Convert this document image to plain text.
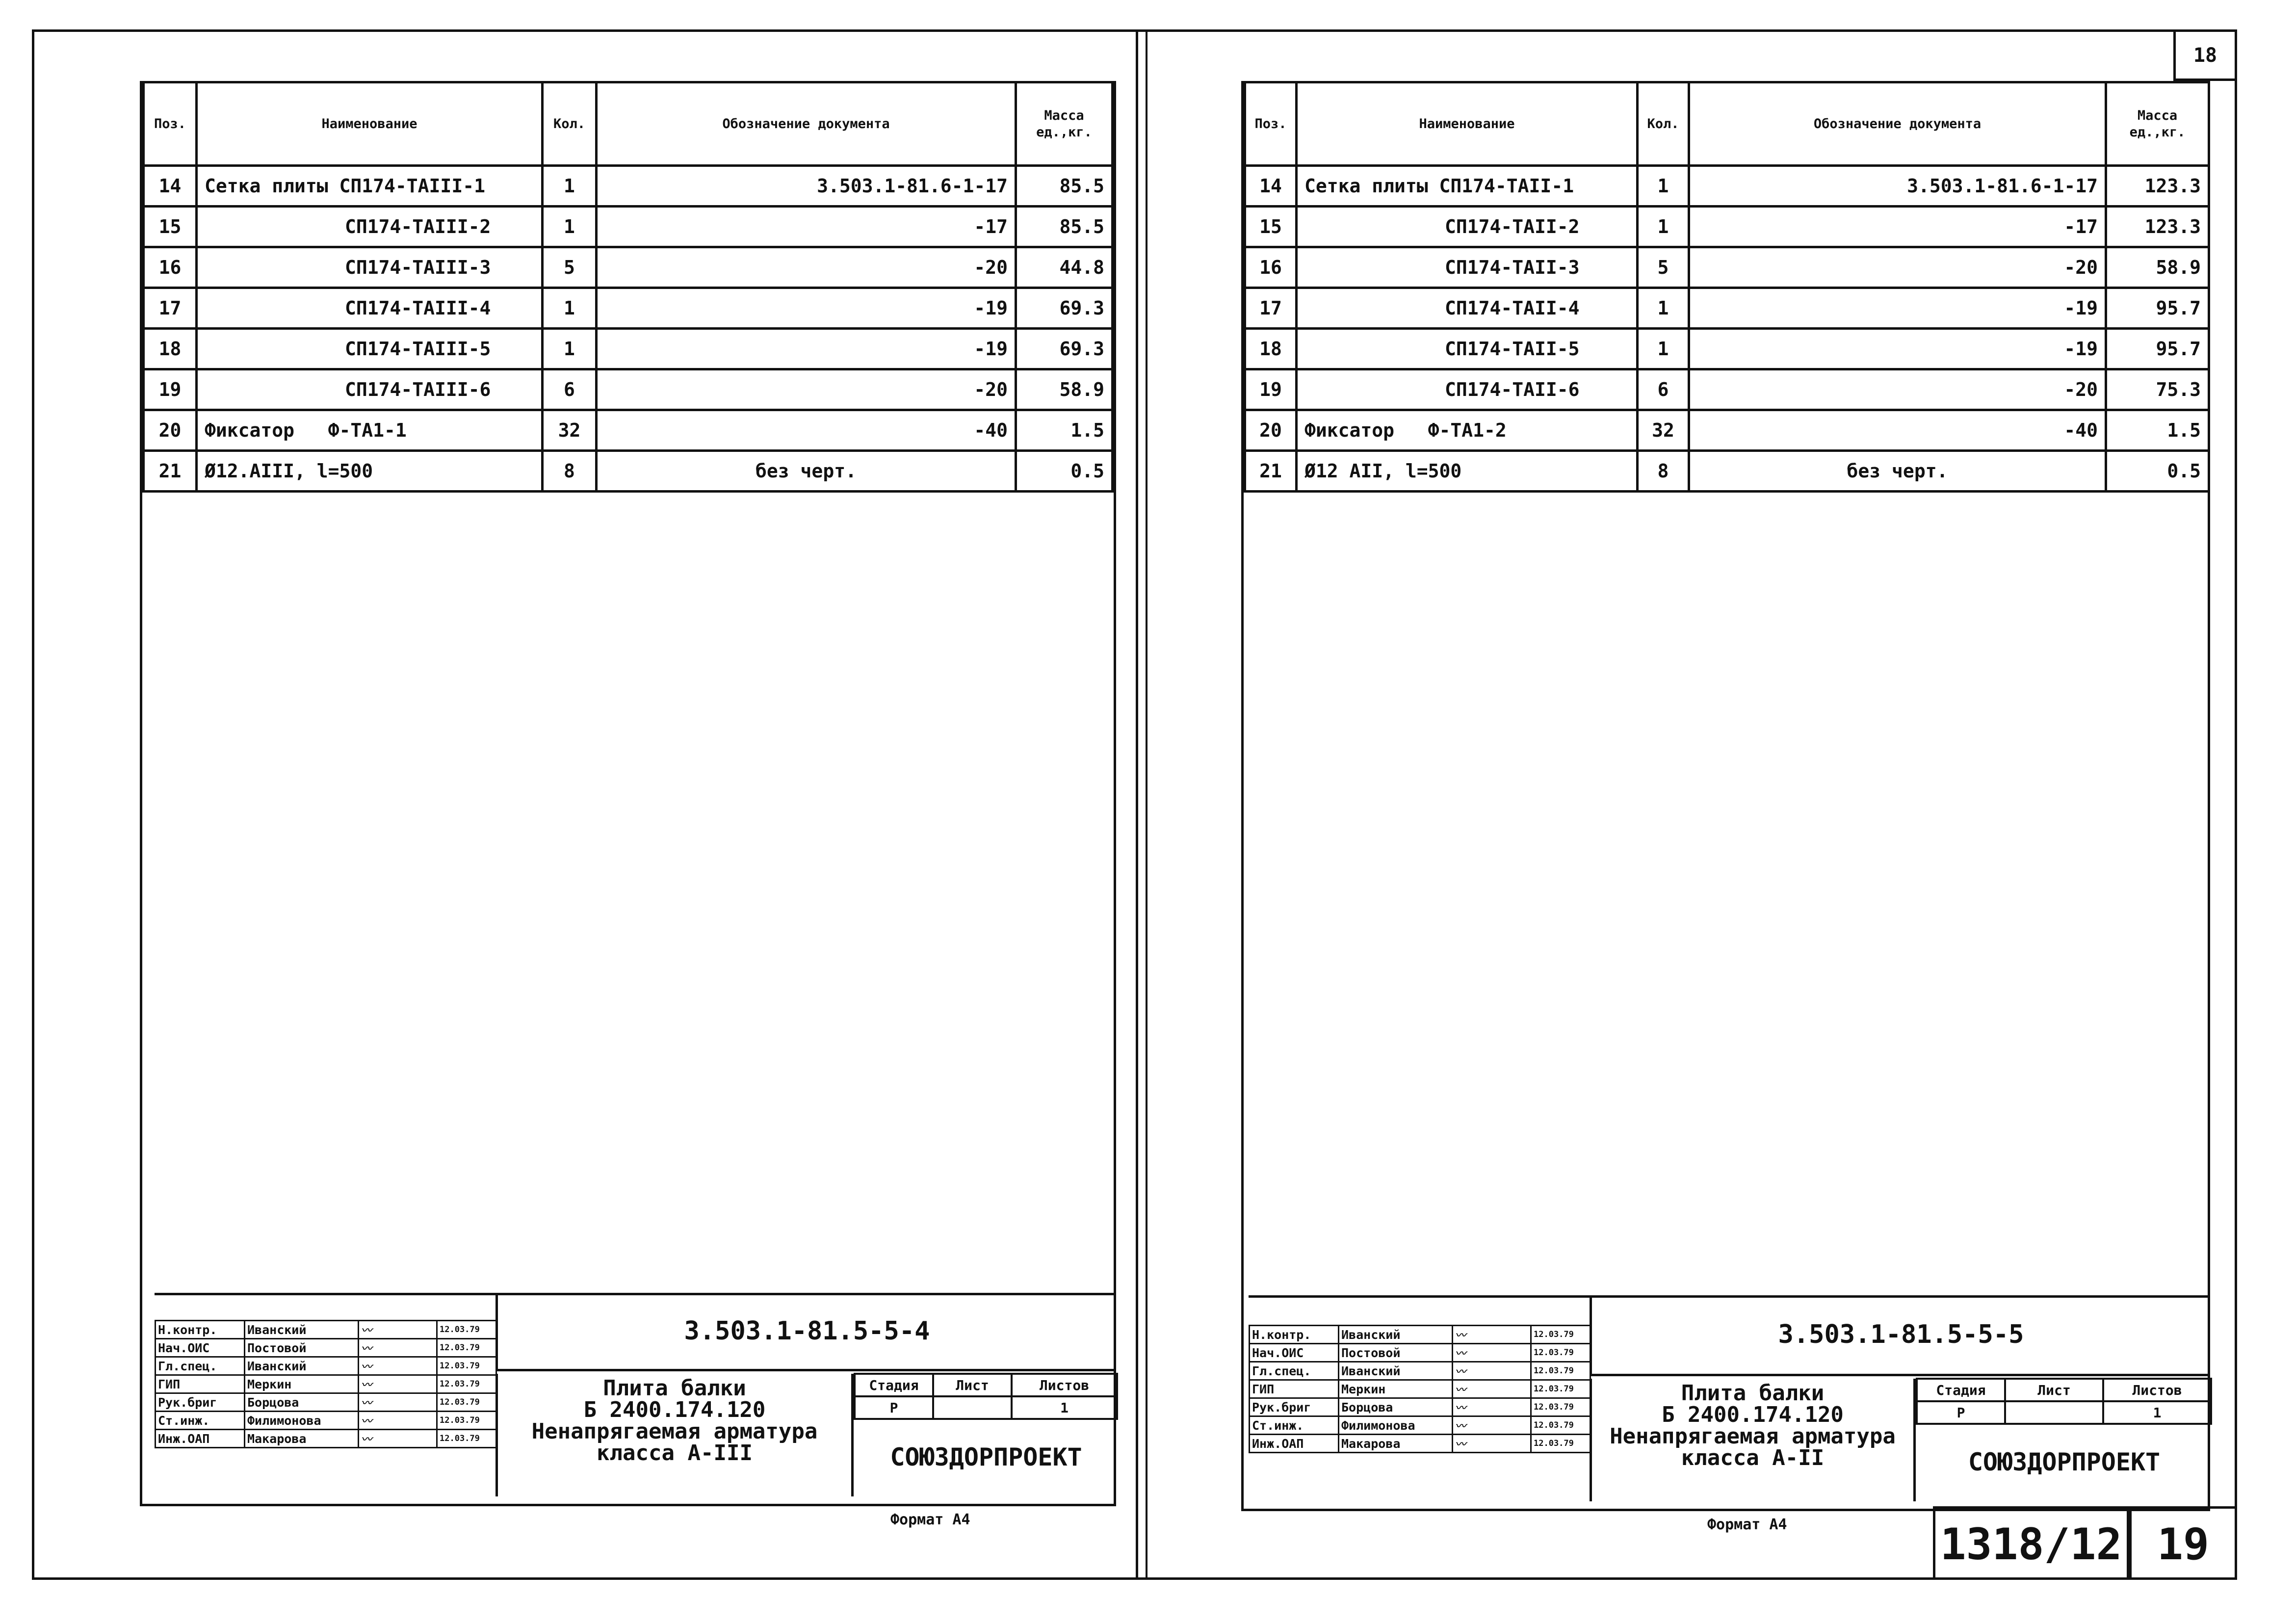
18
Поз.	Наименование	Кол.	Обозначение документа	Масса ед.,кг.
14	Сетка плиты СП174-ТАIII-1	1	3.503.1-81.6-1-17	85.5
15	СП174-ТАIII-2	1	-17	85.5
16	СП174-ТАIII-3	5	-20	44.8
17	СП174-ТАIII-4	1	-19	69.3
18	СП174-ТАIII-5	1	-19	69.3
19	СП174-ТАIII-6	6	-20	58.9
20	Фиксатор   Ф-ТА1-1	32	-40	1.5
21	Ø12.AIII, l=500	8	без черт.	0.5
Н.контр.	Иванский	〰	12.03.79
Нач.ОИС	Постовой	〰	12.03.79
Гл.спец.	Иванский	〰	12.03.79
ГИП	Меркин	〰	12.03.79
Рук.бриг	Борцова	〰	12.03.79
Ст.инж.	Филимонова	〰	12.03.79
Инж.ОАП	Макарова	〰	12.03.79
3.503.1-81.5-5-4
Плита балки
Б 2400.174.120
Ненапрягаемая арматура
класса А-III
Стадия	Лист	Листов
Р		1
СОЮЗДОРПРОЕКТ
Формат А4
Поз.	Наименование	Кол.	Обозначение документа	Масса ед.,кг.
14	Сетка плиты СП174-ТАII-1	1	3.503.1-81.6-1-17	123.3
15	СП174-ТАII-2	1	-17	123.3
16	СП174-ТАII-3	5	-20	58.9
17	СП174-ТАII-4	1	-19	95.7
18	СП174-ТАII-5	1	-19	95.7
19	СП174-ТАII-6	6	-20	75.3
20	Фиксатор   Ф-ТА1-2	32	-40	1.5
21	Ø12 AII, l=500	8	без черт.	0.5
Н.контр.	Иванский	〰	12.03.79
Нач.ОИС	Постовой	〰	12.03.79
Гл.спец.	Иванский	〰	12.03.79
ГИП	Меркин	〰	12.03.79
Рук.бриг	Борцова	〰	12.03.79
Ст.инж.	Филимонова	〰	12.03.79
Инж.ОАП	Макарова	〰	12.03.79
3.503.1-81.5-5-5
Плита балки
Б 2400.174.120
Ненапрягаемая арматура
класса А-II
Стадия	Лист	Листов
Р		1
СОЮЗДОРПРОЕКТ
Формат А4	1318/12 19
